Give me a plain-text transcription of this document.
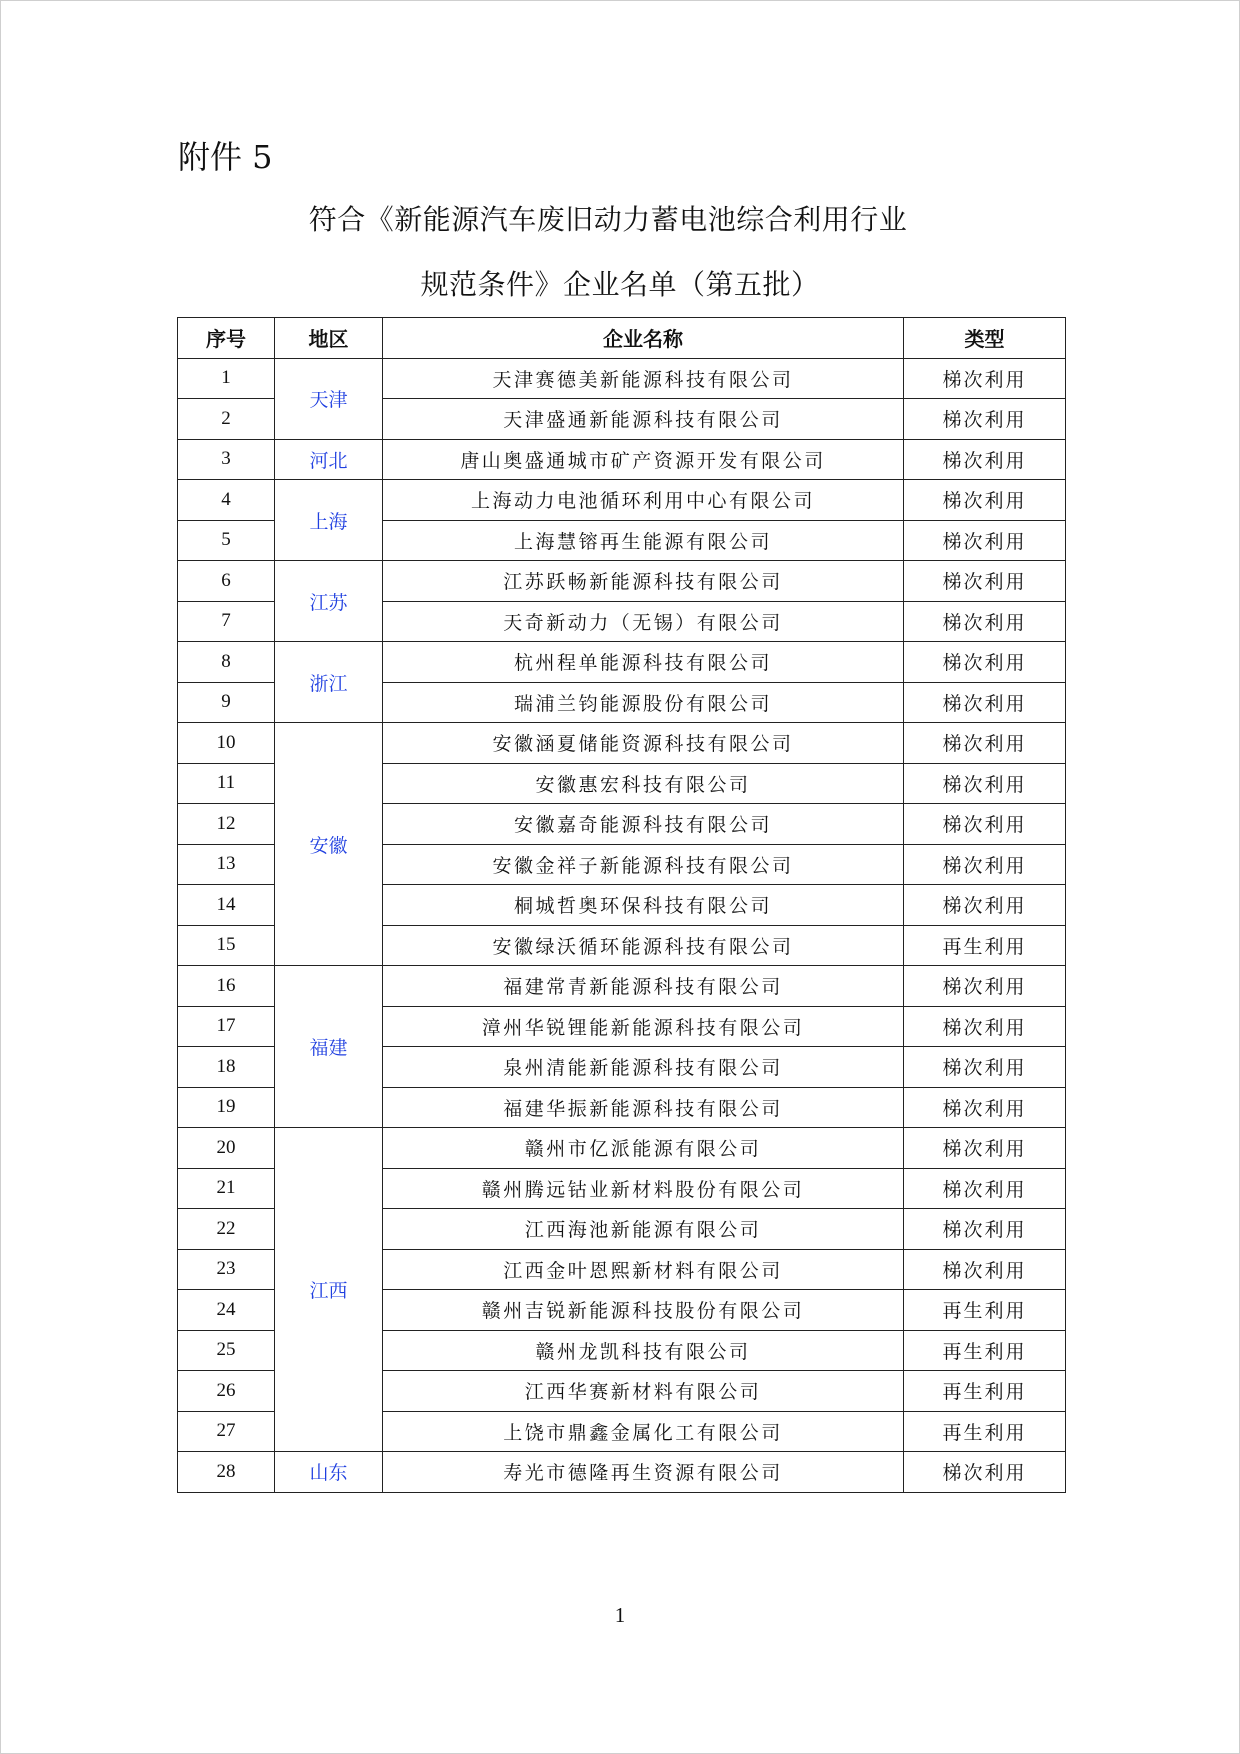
附件 5
符合《新能源汽车废旧动力蓄电池综合利用行业
规范条件》企业名单（第五批）
序号	地区	企业名称	类型
1	天津	天津赛德美新能源科技有限公司	梯次利用
2		天津盛通新能源科技有限公司	梯次利用
3	河北	唐山奥盛通城市矿产资源开发有限公司	梯次利用
4	上海	上海动力电池循环利用中心有限公司	梯次利用
5		上海慧镕再生能源有限公司	梯次利用
6	江苏	江苏跃畅新能源科技有限公司	梯次利用
7		天奇新动力（无锡）有限公司	梯次利用
8	浙江	杭州程单能源科技有限公司	梯次利用
9		瑞浦兰钧能源股份有限公司	梯次利用
10	安徽	安徽涵夏储能资源科技有限公司	梯次利用
11		安徽惠宏科技有限公司	梯次利用
12		安徽嘉奇能源科技有限公司	梯次利用
13		安徽金祥子新能源科技有限公司	梯次利用
14		桐城哲奥环保科技有限公司	梯次利用
15		安徽绿沃循环能源科技有限公司	再生利用
16	福建	福建常青新能源科技有限公司	梯次利用
17		漳州华锐锂能新能源科技有限公司	梯次利用
18		泉州清能新能源科技有限公司	梯次利用
19		福建华振新能源科技有限公司	梯次利用
20	江西	赣州市亿派能源有限公司	梯次利用
21		赣州腾远钴业新材料股份有限公司	梯次利用
22		江西海池新能源有限公司	梯次利用
23		江西金叶恩熙新材料有限公司	梯次利用
24		赣州吉锐新能源科技股份有限公司	再生利用
25		赣州龙凯科技有限公司	再生利用
26		江西华赛新材料有限公司	再生利用
27		上饶市鼎鑫金属化工有限公司	再生利用
28	山东	寿光市德隆再生资源有限公司	梯次利用
1
